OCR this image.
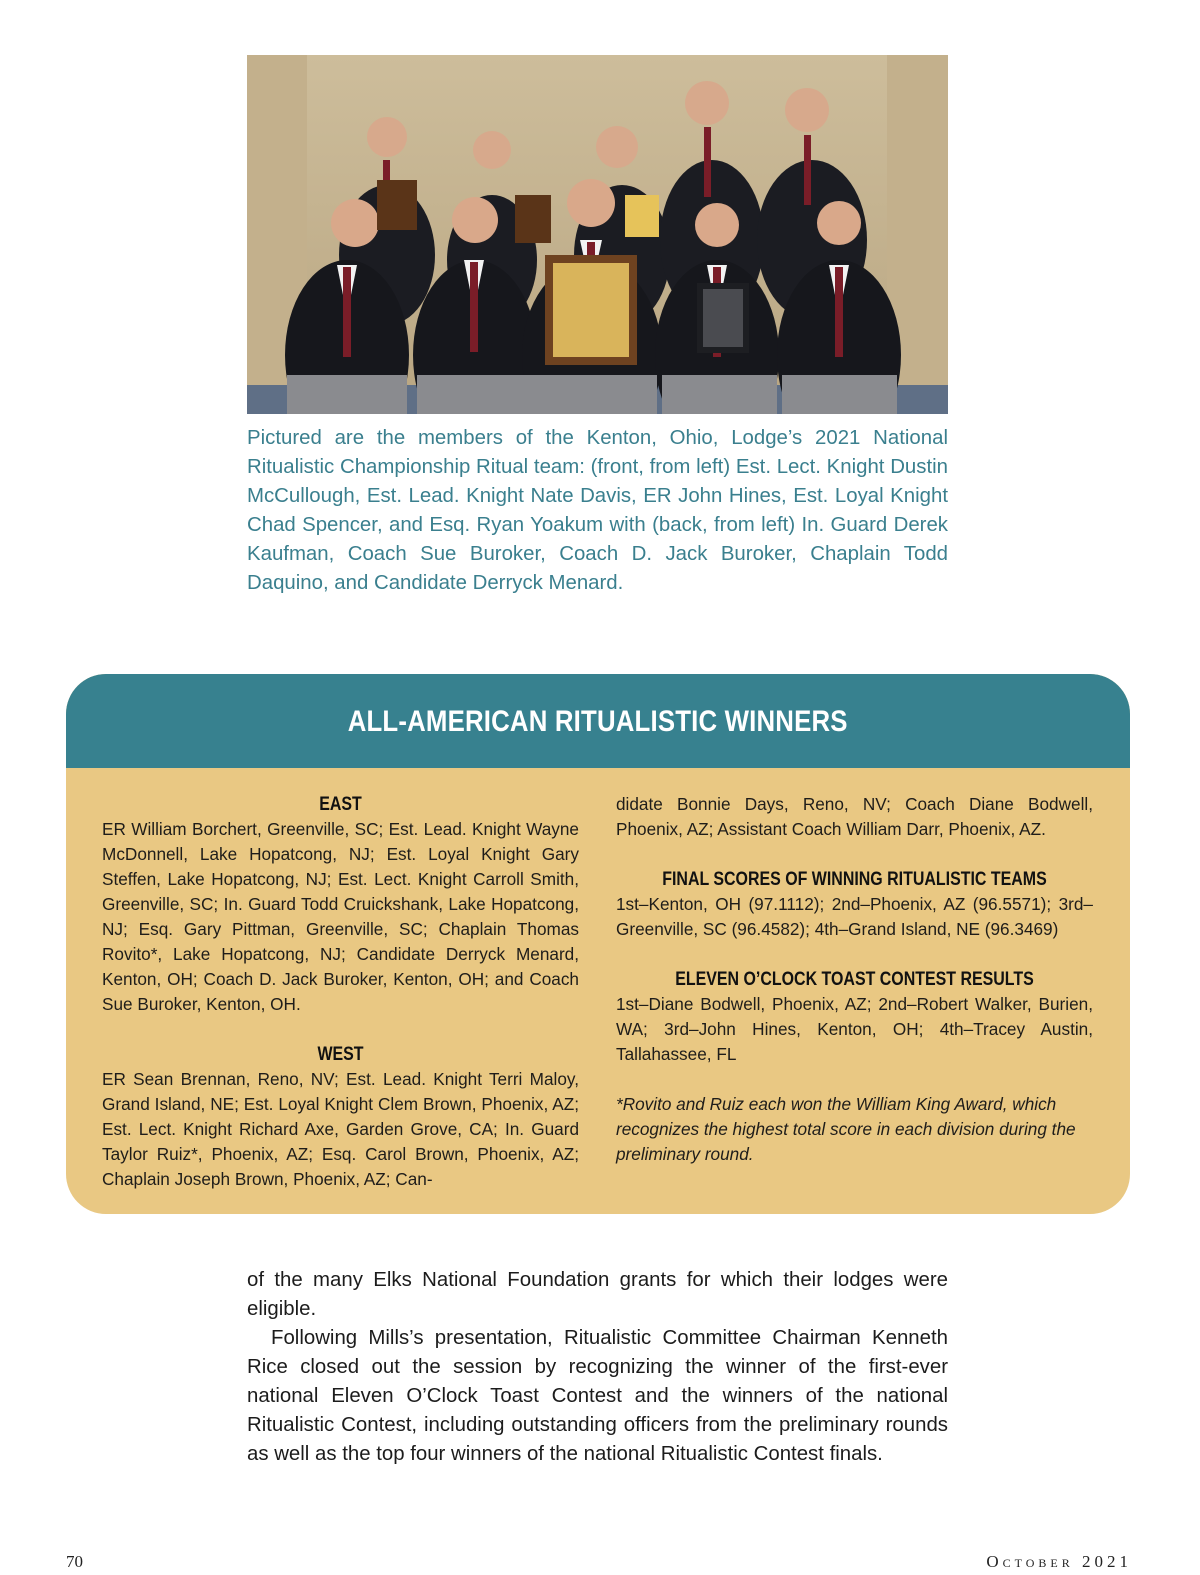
Pictured are the members of the Kenton, Ohio, Lodge’s 2021 National Ritualistic Championship Ritual team: (front, from left) Est. Lect. Knight Dustin McCullough, Est. Lead. Knight Nate Davis, ER John Hines, Est. Loyal Knight Chad Spencer, and Esq. Ryan Yoakum with (back, from left) In. Guard Derek Kaufman, Coach Sue Buroker, Coach D. Jack Buroker, Chaplain Todd Daquino, and Candidate Derryck Menard.

ALL-AMERICAN RITUALISTIC WINNERS
EAST

ER William Borchert, Greenville, SC; Est. Lead. Knight Wayne McDonnell, Lake Hopatcong, NJ; Est. Loyal Knight Gary Steffen, Lake Hopatcong, NJ; Est. Lect. Knight Carroll Smith, Greenville, SC; In. Guard Todd Cruickshank, Lake Hopatcong, NJ; Esq. Gary Pittman, Greenville, SC; Chaplain Thomas Rovito*, Lake Hopatcong, NJ; Candidate Derryck Menard, Kenton, OH; Coach D. Jack Buroker, Kenton, OH; and Coach Sue Buroker, Kenton, OH.

WEST

ER Sean Brennan, Reno, NV; Est. Lead. Knight Terri Maloy, Grand Island, NE; Est. Loyal Knight Clem Brown, Phoenix, AZ; Est. Lect. Knight Richard Axe, Garden Grove, CA; In. Guard Taylor Ruiz*, Phoenix, AZ; Esq. Carol Brown, Phoenix, AZ; Chaplain Joseph Brown, Phoenix, AZ; Can-

didate Bonnie Days, Reno, NV; Coach Diane Bodwell, Phoenix, AZ; Assistant Coach William Darr, Phoenix, AZ.

FINAL SCORES OF WINNING RITUALISTIC TEAMS

1st–Kenton, OH (97.1112); 2nd–Phoenix, AZ (96.5571); 3rd–Greenville, SC (96.4582); 4th–Grand Island, NE (96.3469)

ELEVEN O’CLOCK TOAST CONTEST RESULTS

1st–Diane Bodwell, Phoenix, AZ; 2nd–Robert Walker, Burien, WA; 3rd–John Hines, Kenton, OH; 4th–Tracey Austin, Tallahassee, FL

*Rovito and Ruiz each won the William King Award, which recognizes the highest total score in each division during the preliminary round.

of the many Elks National Foundation grants for which their lodges were eligible.

Following Mills’s presentation, Ritualistic Committee Chairman Kenneth Rice closed out the session by recognizing the winner of the first-ever national Eleven O’Clock Toast Contest and the winners of the national Ritualistic Contest, including outstanding officers from the preliminary rounds as well as the top four winners of the national Ritualistic Contest finals.

70	October 2021
